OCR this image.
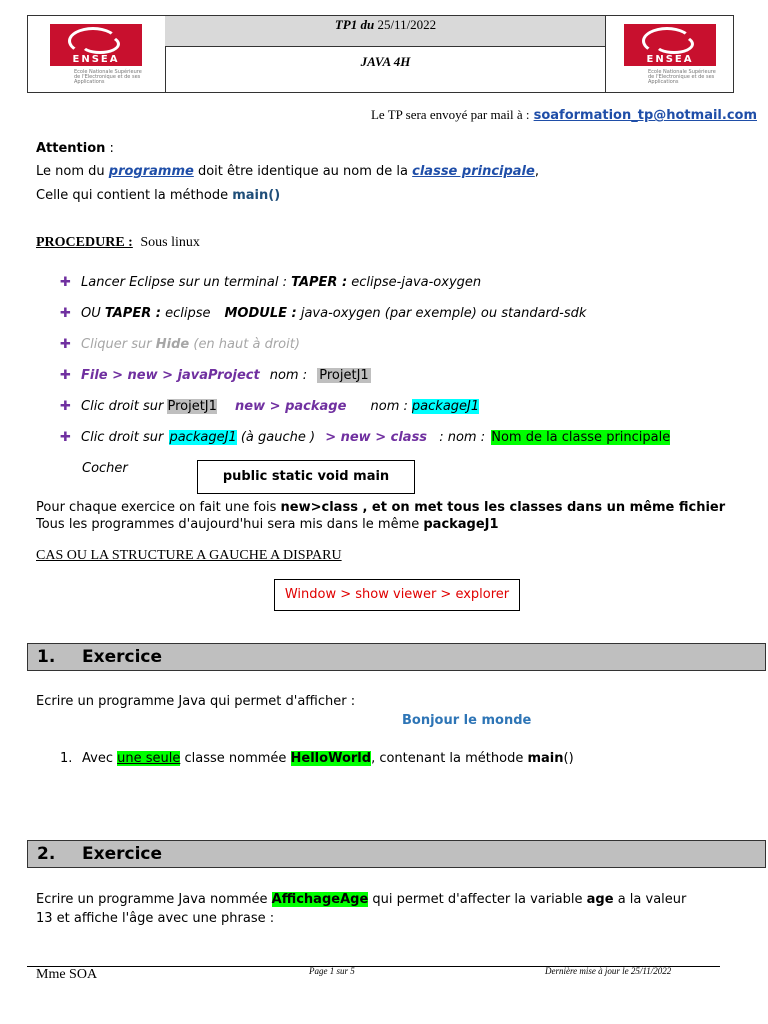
ENSEA
Ecole Nationale Supérieure de l'Electronique et de ses Applications
TP1 du 25/11/2022
JAVA 4H	ENSEA
Ecole Nationale Supérieure de l'Electronique et de ses Applications
Le TP sera envoyé par mail à : soaformation_tp@hotmail.com
Attention :
Le nom du programme doit être identique au nom de la classe principale,
Celle qui contient la méthode main()
PROCEDURE : Sous linux
✚ Lancer Eclipse sur un terminal : TAPER : eclipse-java-oxygen
✚ OU TAPER : eclipse MODULE : java-oxygen (par exemple) ou standard-sdk
✚ Cliquer sur Hide (en haut à droit)
✚ File > new > javaProject nom : ProjetJ1
✚ Clic droit sur ProjetJ1 new > package nom : packageJ1
✚ Clic droit sur packageJ1 (à gauche ) > new > class : nom : Nom de la classe principale
Cocher
public static void main
Pour chaque exercice on fait une fois new>class , et on met tous les classes dans un même fichier
Tous les programmes d'aujourd'hui sera mis dans le même packageJ1
CAS OU LA STRUCTURE A GAUCHE A DISPARU
Window > show viewer > explorer
1. Exercice
Ecrire un programme Java qui permet d'afficher :
Bonjour le monde
1. Avec une seule classe nommée HelloWorld, contenant la méthode main()
2. Exercice
Ecrire un programme Java nommée AffichageAge qui permet d'affecter la variable age a la valeur
13 et affiche l'âge avec une phrase :
Mme SOA	Page 1 sur 5	Dernière mise à jour le 25/11/2022
